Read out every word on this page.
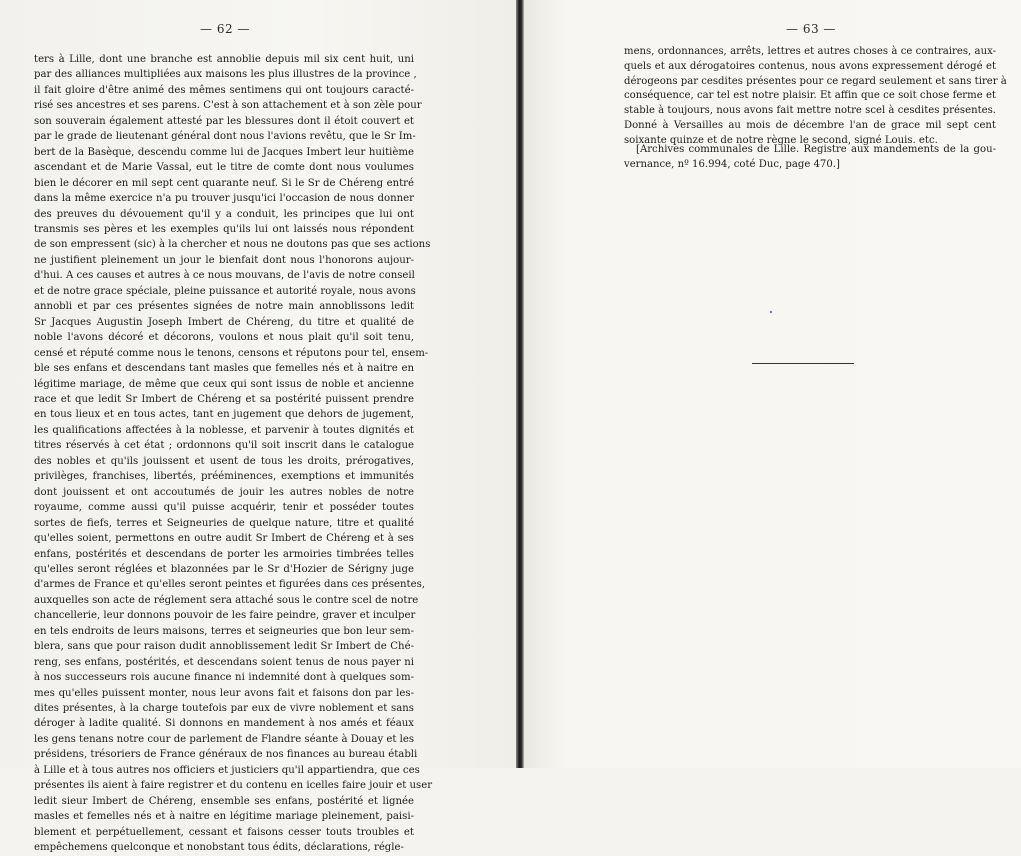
— 62 —
ters à Lille, dont une branche est annoblie depuis mil six cent huit, uni
par des alliances multipliées aux maisons les plus illustres de la province ,
il fait gloire d'être animé des mêmes sentimens qui ont toujours caracté-
risé ses ancestres et ses parens. C'est à son attachement et à son zèle pour
son souverain également attesté par les blessures dont il étoit couvert et
par le grade de lieutenant général dont nous l'avions revêtu, que le Sr Im-
bert de la Basèque, descendu comme lui de Jacques Imbert leur huitième
ascendant et de Marie Vassal, eut le titre de comte dont nous voulumes
bien le décorer en mil sept cent quarante neuf. Si le Sr de Chéreng entré
dans la même exercice n'a pu trouver jusqu'ici l'occasion de nous donner
des preuves du dévouement qu'il y a conduit, les principes que lui ont
transmis ses pères et les exemples qu'ils lui ont laissés nous répondent
de son empressent (sic) à la chercher et nous ne doutons pas que ses actions
ne justifient pleinement un jour le bienfait dont nous l'honorons aujour-
d'hui. A ces causes et autres à ce nous mouvans, de l'avis de notre conseil
et de notre grace spéciale, pleine puissance et autorité royale, nous avons
annobli et par ces présentes signées de notre main annoblissons ledit
Sr Jacques Augustin Joseph Imbert de Chéreng, du titre et qualité de
noble l'avons décoré et décorons, voulons et nous plait qu'il soit tenu,
censé et réputé comme nous le tenons, censons et réputons pour tel, ensem-
ble ses enfans et descendans tant masles que femelles nés et à naitre en
légitime mariage, de même que ceux qui sont issus de noble et ancienne
race et que ledit Sr Imbert de Chéreng et sa postérité puissent prendre
en tous lieux et en tous actes, tant en jugement que dehors de jugement,
les qualifications affectées à la noblesse, et parvenir à toutes dignités et
titres réservés à cet état ; ordonnons qu'il soit inscrit dans le catalogue
des nobles et qu'ils jouissent et usent de tous les droits, prérogatives,
privilèges, franchises, libertés, prééminences, exemptions et immunités
dont jouissent et ont accoutumés de jouir les autres nobles de notre
royaume, comme aussi qu'il puisse acquérir, tenir et posséder toutes
sortes de fiefs, terres et Seigneuries de quelque nature, titre et qualité
qu'elles soient, permettons en outre audit Sr Imbert de Chéreng et à ses
enfans, postérités et descendans de porter les armoiries timbrées telles
qu'elles seront réglées et blazonnées par le Sr d'Hozier de Sérigny juge
d'armes de France et qu'elles seront peintes et figurées dans ces présentes,
auxquelles son acte de réglement sera attaché sous le contre scel de notre
chancellerie, leur donnons pouvoir de les faire peindre, graver et inculper
en tels endroits de leurs maisons, terres et seigneuries que bon leur sem-
blera, sans que pour raison dudit annoblissement ledit Sr Imbert de Ché-
reng, ses enfans, postérités, et descendans soient tenus de nous payer ni
à nos successeurs rois aucune finance ni indemnité dont à quelques som-
mes qu'elles puissent monter, nous leur avons fait et faisons don par les-
dites présentes, à la charge toutefois par eux de vivre noblement et sans
déroger à ladite qualité. Si donnons en mandement à nos amés et féaux
les gens tenans notre cour de parlement de Flandre séante à Douay et les
présidens, trésoriers de France généraux de nos finances au bureau établi
à Lille et à tous autres nos officiers et justiciers qu'il appartiendra, que ces
présentes ils aient à faire registrer et du contenu en icelles faire jouir et user
ledit sieur Imbert de Chéreng, ensemble ses enfans, postérité et lignée
masles et femelles nés et à naitre en légitime mariage pleinement, paisi-
blement et perpétuellement, cessant et faisons cesser touts troubles et
empêchemens quelconque et nonobstant tous édits, déclarations, régle-
— 63 —
mens, ordonnances, arrêts, lettres et autres choses à ce contraires, aux-
quels et aux dérogatoires contenus, nous avons expressement dérogé et
dérogeons par cesdites présentes pour ce regard seulement et sans tirer à
conséquence, car tel est notre plaisir. Et affin que ce soit chose ferme et
stable à toujours, nous avons fait mettre notre scel à cesdites présentes.
Donné à Versailles au mois de décembre l'an de grace mil sept cent
soixante quinze et de notre règne le second, signé Louis. etc.
[Archives communales de Lille. Registre aux mandements de la gou-
vernance, nº 16.994, coté Duc, page 470.]
